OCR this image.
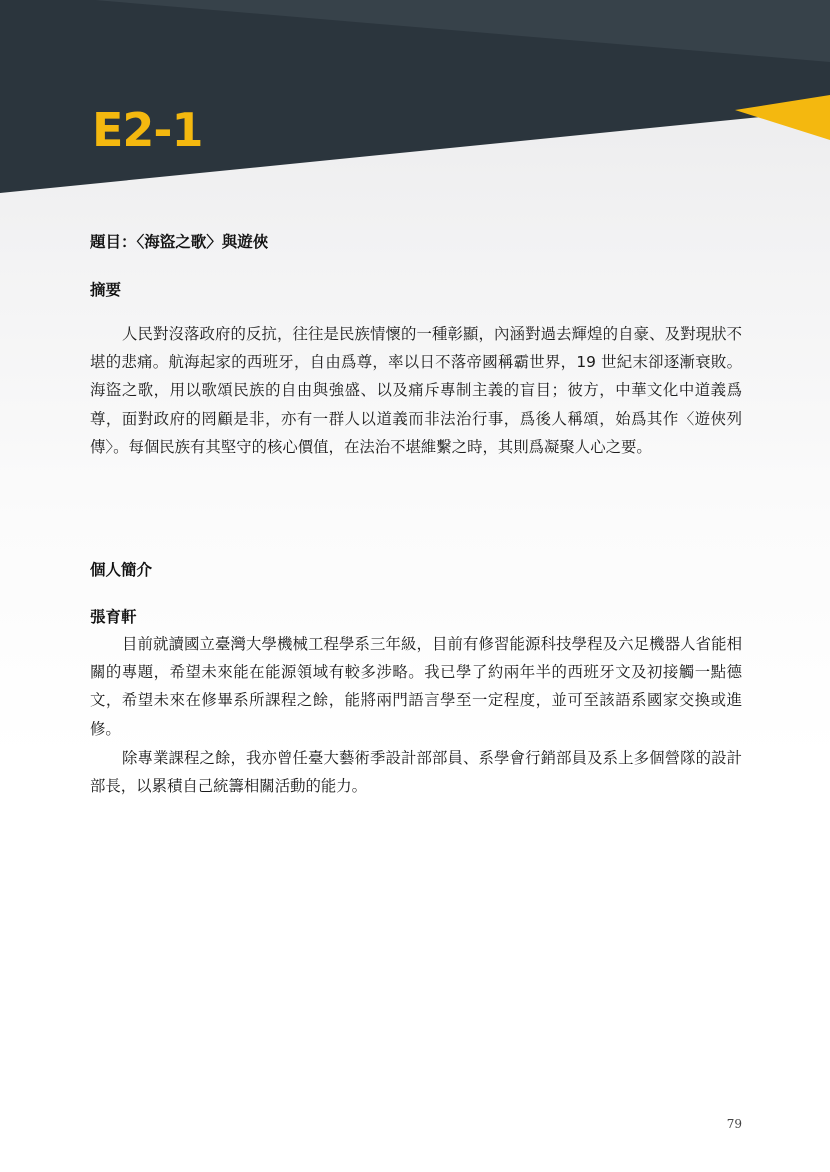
E2-1
題目：〈海盜之歌〉與遊俠
摘要

人民對沒落政府的反抗，往往是民族情懷的一種彰顯，內涵對過去輝煌的自豪、及對現狀不堪的悲痛。航海起家的西班牙，自由爲尊，率以日不落帝國稱霸世界，19 世紀末卻逐漸衰敗。海盜之歌，用以歌頌民族的自由與強盛、以及痛斥專制主義的盲目；彼方，中華文化中道義爲尊，面對政府的罔顧是非，亦有一群人以道義而非法治行事，爲後人稱頌，始爲其作〈遊俠列傳〉。每個民族有其堅守的核心價值，在法治不堪維繫之時，其則爲凝聚人心之要。

個人簡介
張育軒

目前就讀國立臺灣大學機械工程學系三年級，目前有修習能源科技學程及六足機器人省能相關的專題，希望未來能在能源領域有較多涉略。我已學了約兩年半的西班牙文及初接觸一點德文，希望未來在修畢系所課程之餘，能將兩門語言學至一定程度，並可至該語系國家交換或進修。

除專業課程之餘，我亦曾任臺大藝術季設計部部員、系學會行銷部員及系上多個營隊的設計部長，以累積自己統籌相關活動的能力。

79
